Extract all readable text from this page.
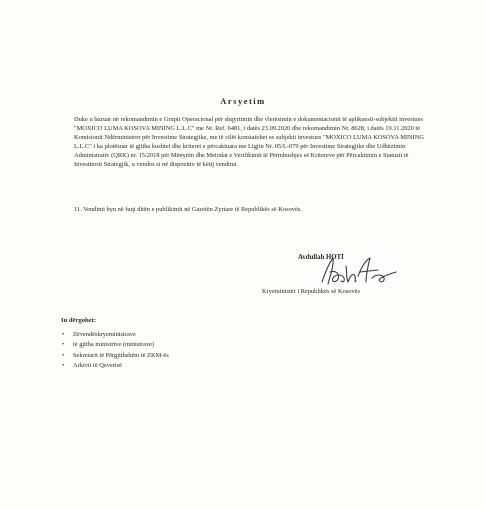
Arsyetim
Duke u bazuar në rekomandimin e Grupit Operacional për shqyrtimin dhe vlerësimin e dokumentacionit të aplikuesit-subjektit investues "MOXICO LUMA KOSOVA MINING L.L.C" me Nr. Ref. 6481, i datës 23.09.2020 dhe rekomandimin Nr. 8628, i datës 19.11.2020 të Komisionit Ndërministror për Investime Strategjike, me të cilët konstatohet se subjekti investues "MOXICO LUMA KOSOVA MINING L.L.C" i ka plotësuar të gjitha kushtet dhe kriteret e përcaktuara me Ligjin Nr. 05/L-079 për Investime Strategjike dhe Udhëzimin Administrativ (QRK) nr. 15/2018 për Mënyrën dhe Metodat e Verifikimit të Përmbushjes së Kritereve për Përcaktimin e Statusit të Investitorit Strategjik, u vendos si në dispozitiv të këtij vendimi.
11. Vendimi hyn në fuqi ditën e publikimit në Gazetën Zyrtare të Republikës së Kosovës.
Avdullah HOTI
Kryeministër i Republikës së Kosovës
Iu dërgohet:
• Zëvendëskryeministrave
• të gjitha ministrive (ministrave)
• Sekretarit të Përgjithshëm të ZKM-ës
• Arkivit të Qeverisë
